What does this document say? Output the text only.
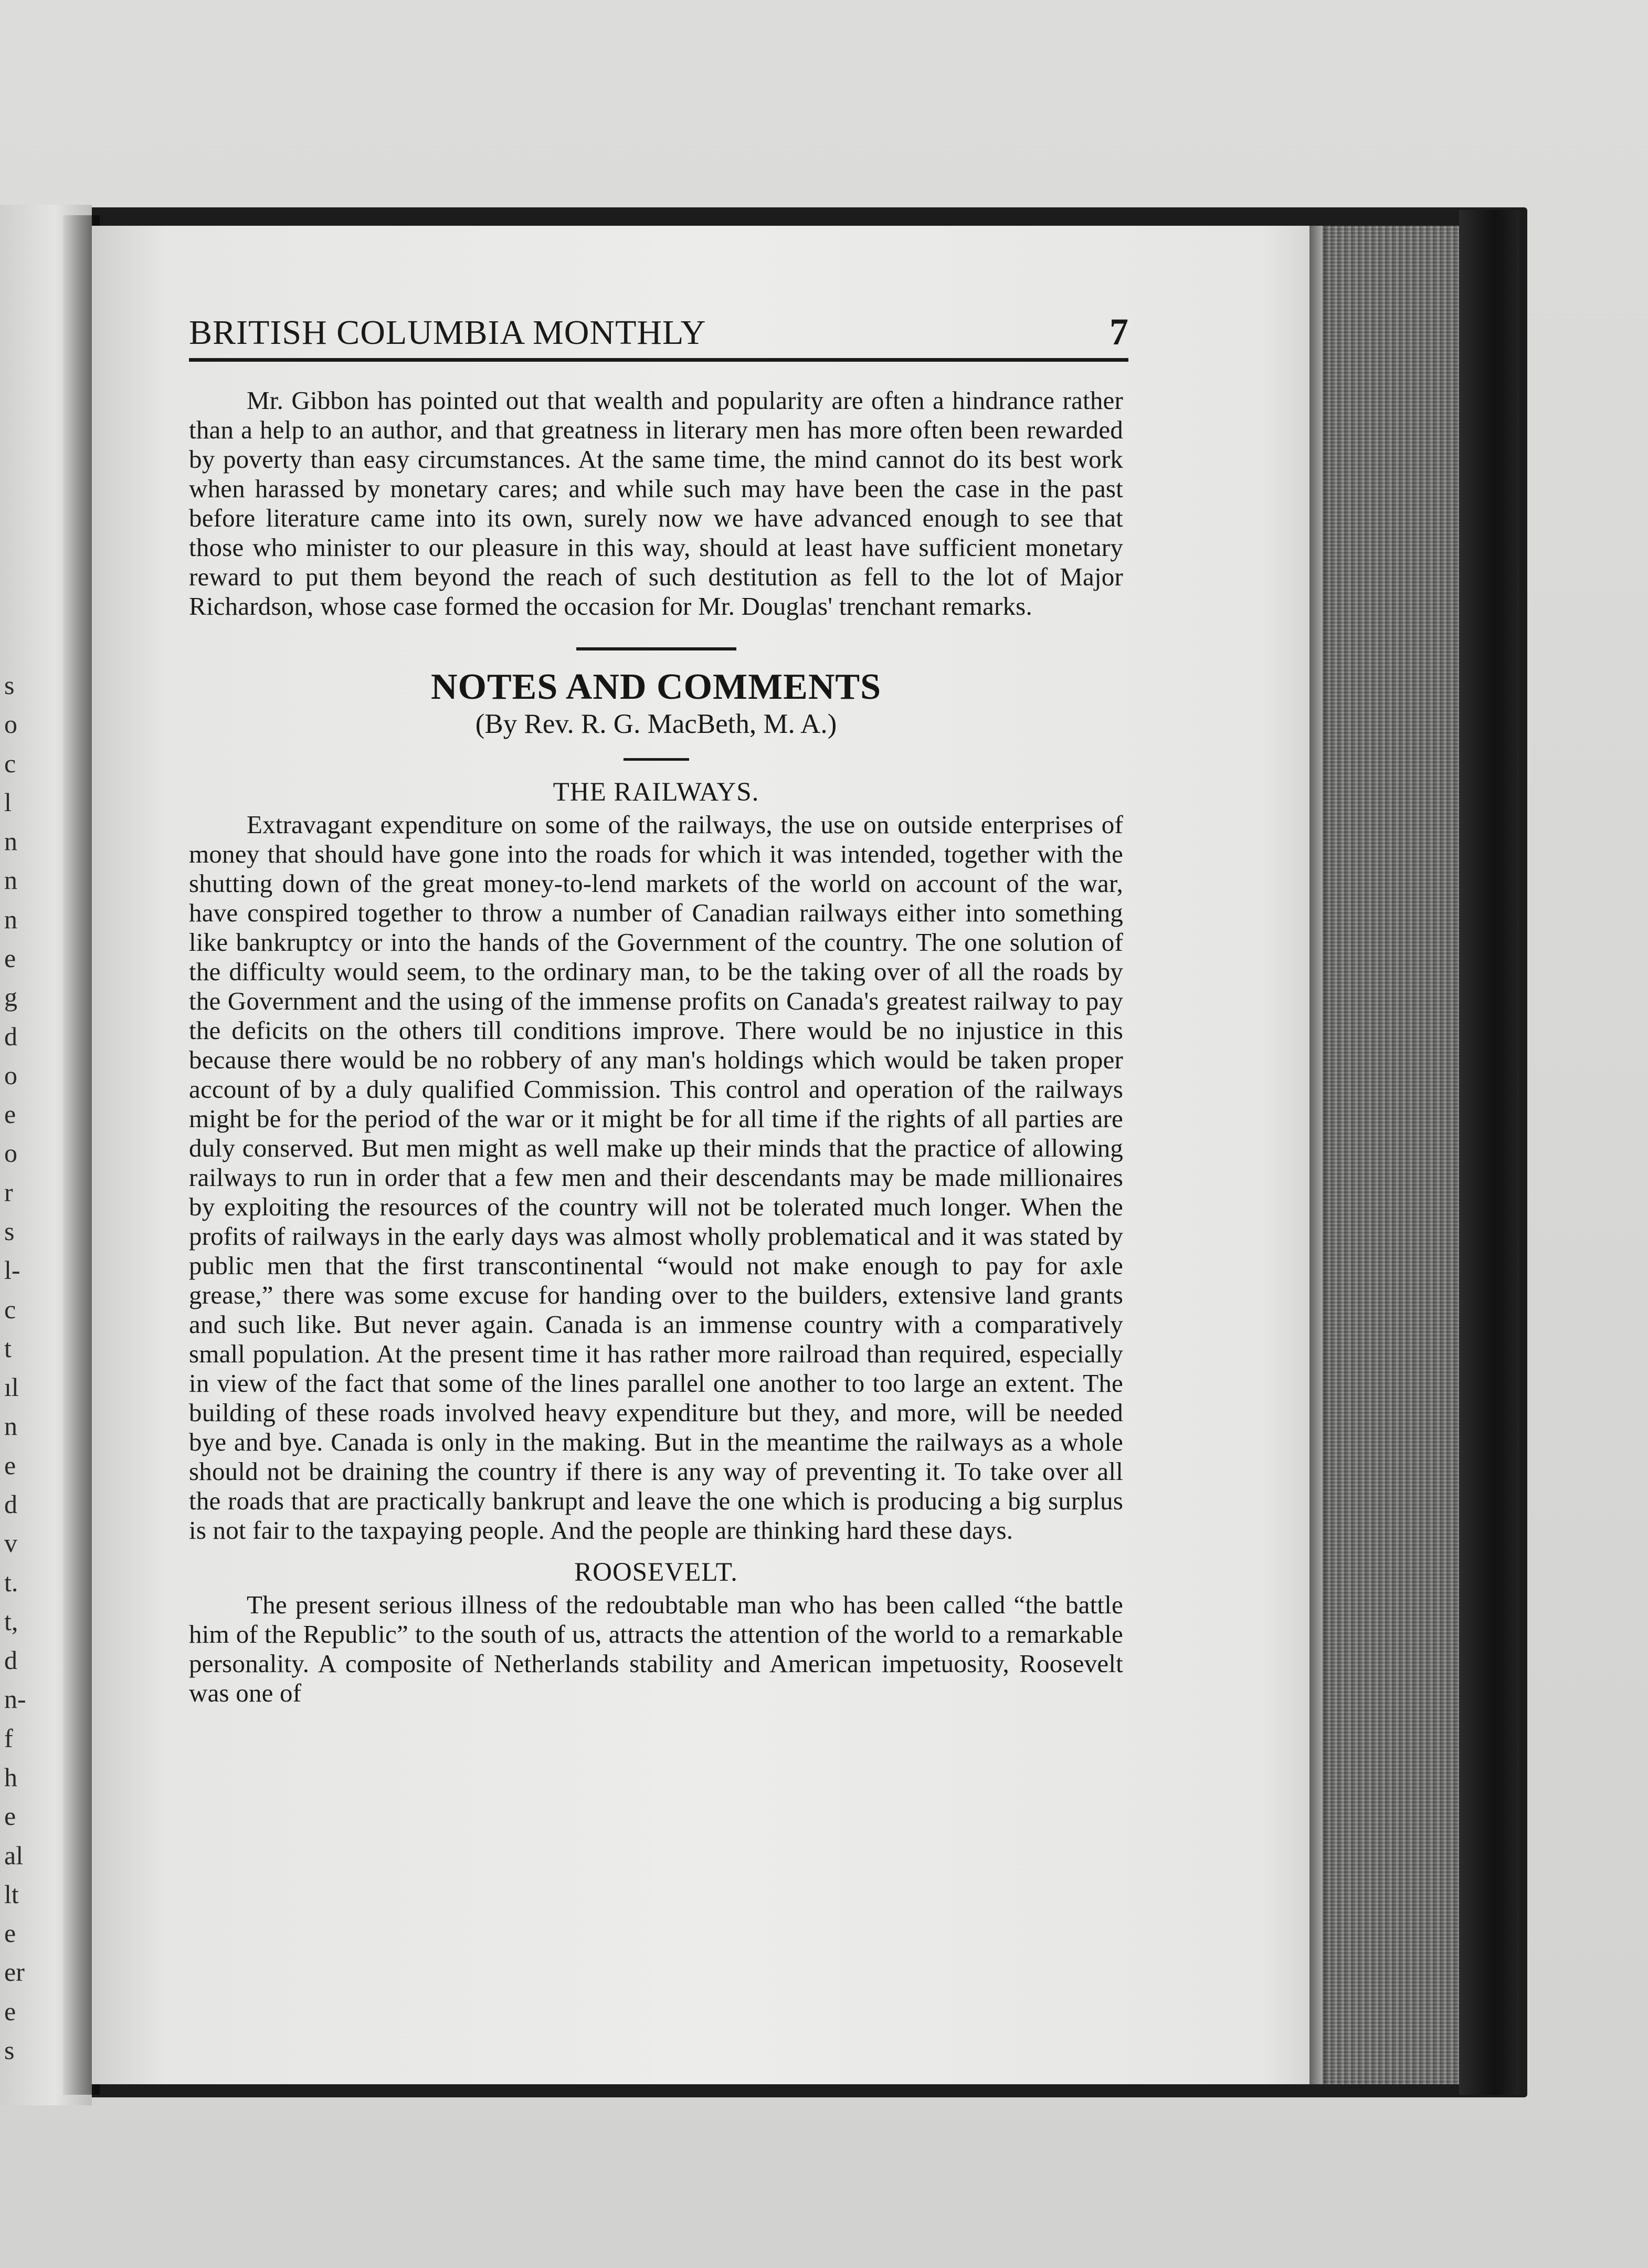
s
o
c
l
n
n
n
e
g
d
o
e
o
r
s
l-
c
t
ıl
n
e
d
v
t.
t,
d
n-
f
h
e
al
lt
e
er
e
s
BRITISH COLUMBIA MONTHLY	7

Mr. Gibbon has pointed out that wealth and popularity are often a hindrance rather than a help to an author, and that greatness in literary men has more often been rewarded by poverty than easy circumstances. At the same time, the mind cannot do its best work when harassed by monetary cares; and while such may have been the case in the past before literature came into its own, surely now we have advanced enough to see that those who minister to our pleasure in this way, should at least have sufficient monetary reward to put them beyond the reach of such destitution as fell to the lot of Major Richardson, whose case formed the occasion for Mr. Douglas' trenchant remarks.

NOTES AND COMMENTS
(By Rev. R. G. MacBeth, M. A.)
THE RAILWAYS.

Extravagant expenditure on some of the railways, the use on outside enterprises of money that should have gone into the roads for which it was intended, together with the shutting down of the great money-to-lend markets of the world on account of the war, have conspired together to throw a number of Canadian railways either into something like bankruptcy or into the hands of the Government of the country. The one solution of the difficulty would seem, to the ordinary man, to be the taking over of all the roads by the Government and the using of the immense profits on Canada's greatest railway to pay the deficits on the others till conditions improve. There would be no injustice in this because there would be no robbery of any man's holdings which would be taken proper account of by a duly qualified Commission. This control and operation of the railways might be for the period of the war or it might be for all time if the rights of all parties are duly conserved. But men might as well make up their minds that the practice of allowing railways to run in order that a few men and their descendants may be made millionaires by exploiting the resources of the country will not be tolerated much longer. When the profits of railways in the early days was almost wholly problematical and it was stated by public men that the first transcontinental “would not make enough to pay for axle grease,” there was some excuse for handing over to the builders, extensive land grants and such like. But never again. Canada is an immense country with a comparatively small population. At the present time it has rather more railroad than required, especially in view of the fact that some of the lines parallel one another to too large an extent. The building of these roads involved heavy expenditure but they, and more, will be needed bye and bye. Canada is only in the making. But in the meantime the railways as a whole should not be draining the country if there is any way of preventing it. To take over all the roads that are practically bankrupt and leave the one which is producing a big surplus is not fair to the taxpaying people. And the people are thinking hard these days.

ROOSEVELT.

The present serious illness of the redoubtable man who has been called “the battle him of the Republic” to the south of us, attracts the attention of the world to a remarkable personality. A composite of Netherlands stability and American impetuosity, Roosevelt was one of
